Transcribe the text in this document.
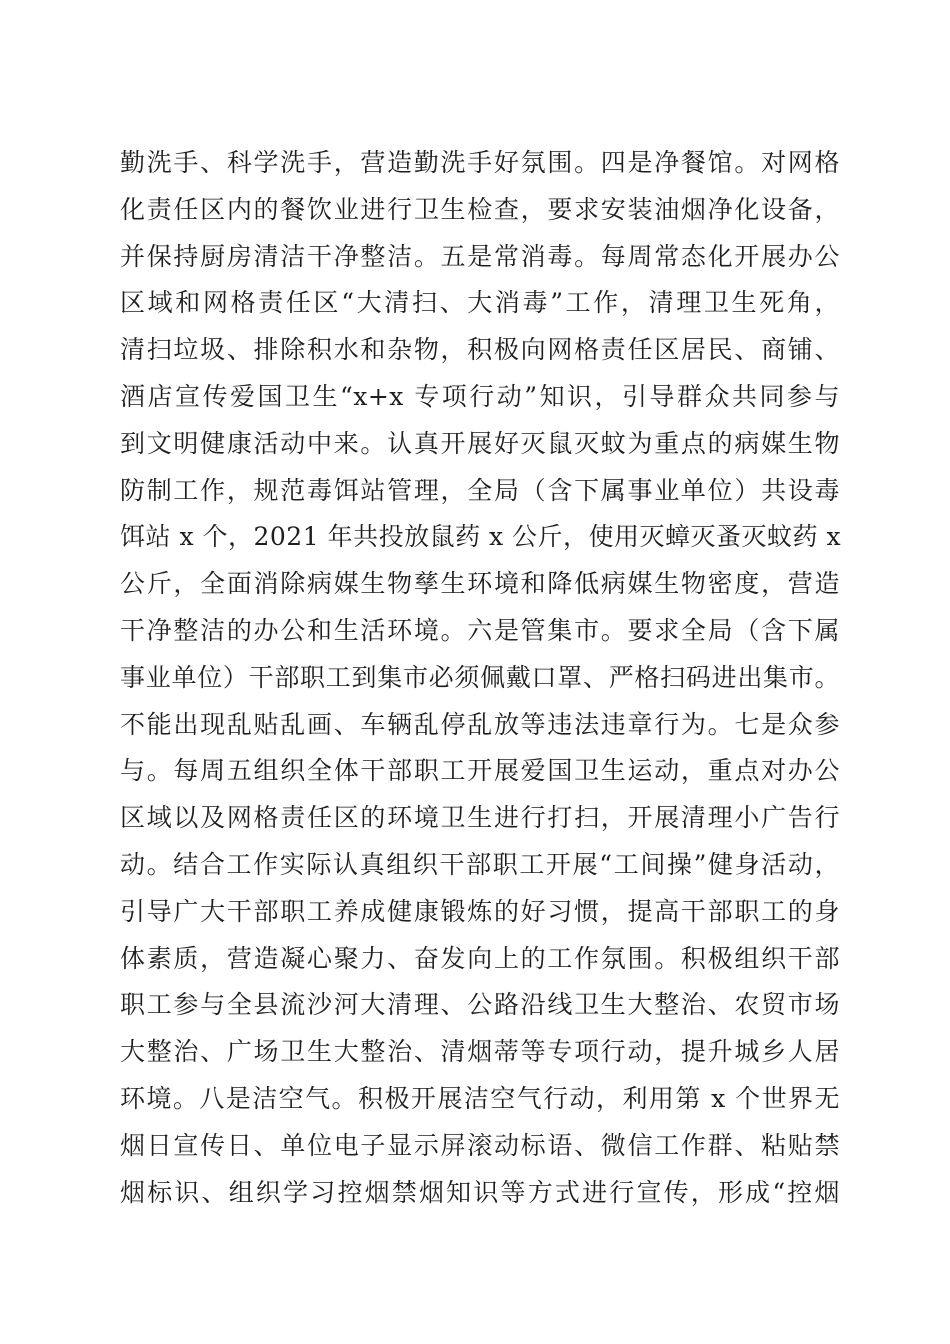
勤洗手、科学洗手，营造勤洗手好氛围。四是净餐馆。对网格
化责任区内的餐饮业进行卫生检查，要求安装油烟净化设备，
并保持厨房清洁干净整洁。五是常消毒。每周常态化开展办公
区域和网格责任区“大清扫、大消毒”工作，清理卫生死角，
清扫垃圾、排除积水和杂物，积极向网格责任区居民、商铺、
酒店宣传爱国卫生“x+x 专项行动”知识，引导群众共同参与
到文明健康活动中来。认真开展好灭鼠灭蚊为重点的病媒生物
防制工作，规范毒饵站管理，全局（含下属事业单位）共设毒
饵站 x 个，2021 年共投放鼠药 x 公斤，使用灭蟑灭蚤灭蚊药 x
公斤，全面消除病媒生物孳生环境和降低病媒生物密度，营造
干净整洁的办公和生活环境。六是管集市。要求全局（含下属
事业单位）干部职工到集市必须佩戴口罩、严格扫码进出集市。
不能出现乱贴乱画、车辆乱停乱放等违法违章行为。七是众参
与。每周五组织全体干部职工开展爱国卫生运动，重点对办公
区域以及网格责任区的环境卫生进行打扫，开展清理小广告行
动。结合工作实际认真组织干部职工开展“工间操”健身活动，
引导广大干部职工养成健康锻炼的好习惯，提高干部职工的身
体素质，营造凝心聚力、奋发向上的工作氛围。积极组织干部
职工参与全县流沙河大清理、公路沿线卫生大整治、农贸市场
大整治、广场卫生大整治、清烟蒂等专项行动，提升城乡人居
环境。八是洁空气。积极开展洁空气行动，利用第 x 个世界无
烟日宣传日、单位电子显示屏滚动标语、微信工作群、粘贴禁
烟标识、组织学习控烟禁烟知识等方式进行宣传，形成“控烟
